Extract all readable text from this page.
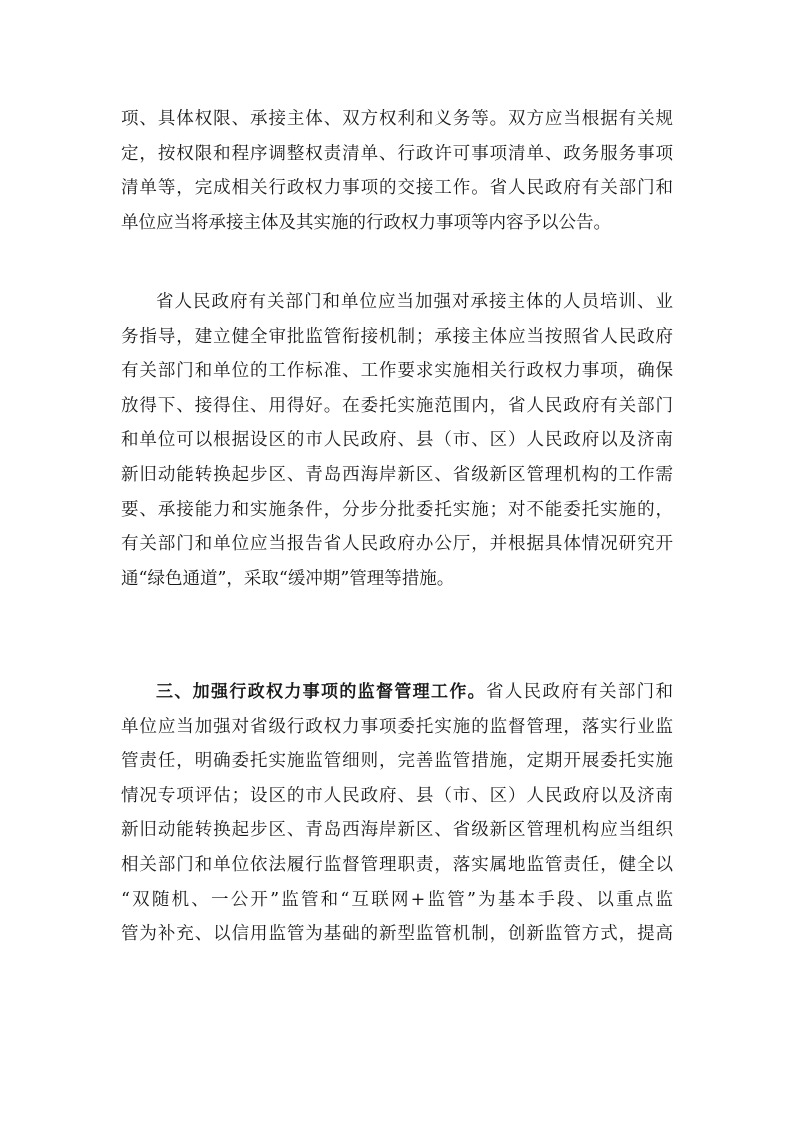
项、具体权限、承接主体、双方权利和义务等。双方应当根据有关规
定，按权限和程序调整权责清单、行政许可事项清单、政务服务事项
清单等，完成相关行政权力事项的交接工作。省人民政府有关部门和
单位应当将承接主体及其实施的行政权力事项等内容予以公告。
省人民政府有关部门和单位应当加强对承接主体的人员培训、业
务指导，建立健全审批监管衔接机制；承接主体应当按照省人民政府
有关部门和单位的工作标准、工作要求实施相关行政权力事项，确保
放得下、接得住、用得好。在委托实施范围内，省人民政府有关部门
和单位可以根据设区的市人民政府、县（市、区）人民政府以及济南
新旧动能转换起步区、青岛西海岸新区、省级新区管理机构的工作需
要、承接能力和实施条件，分步分批委托实施；对不能委托实施的，
有关部门和单位应当报告省人民政府办公厅，并根据具体情况研究开
通“绿色通道”，采取“缓冲期”管理等措施。
三、加强行政权力事项的监督管理工作。省人民政府有关部门和
单位应当加强对省级行政权力事项委托实施的监督管理，落实行业监
管责任，明确委托实施监管细则，完善监管措施，定期开展委托实施
情况专项评估；设区的市人民政府、县（市、区）人民政府以及济南
新旧动能转换起步区、青岛西海岸新区、省级新区管理机构应当组织
相关部门和单位依法履行监督管理职责，落实属地监管责任，健全以
“双随机、一公开”监管和“互联网+监管”为基本手段、以重点监
管为补充、以信用监管为基础的新型监管机制，创新监管方式，提高
